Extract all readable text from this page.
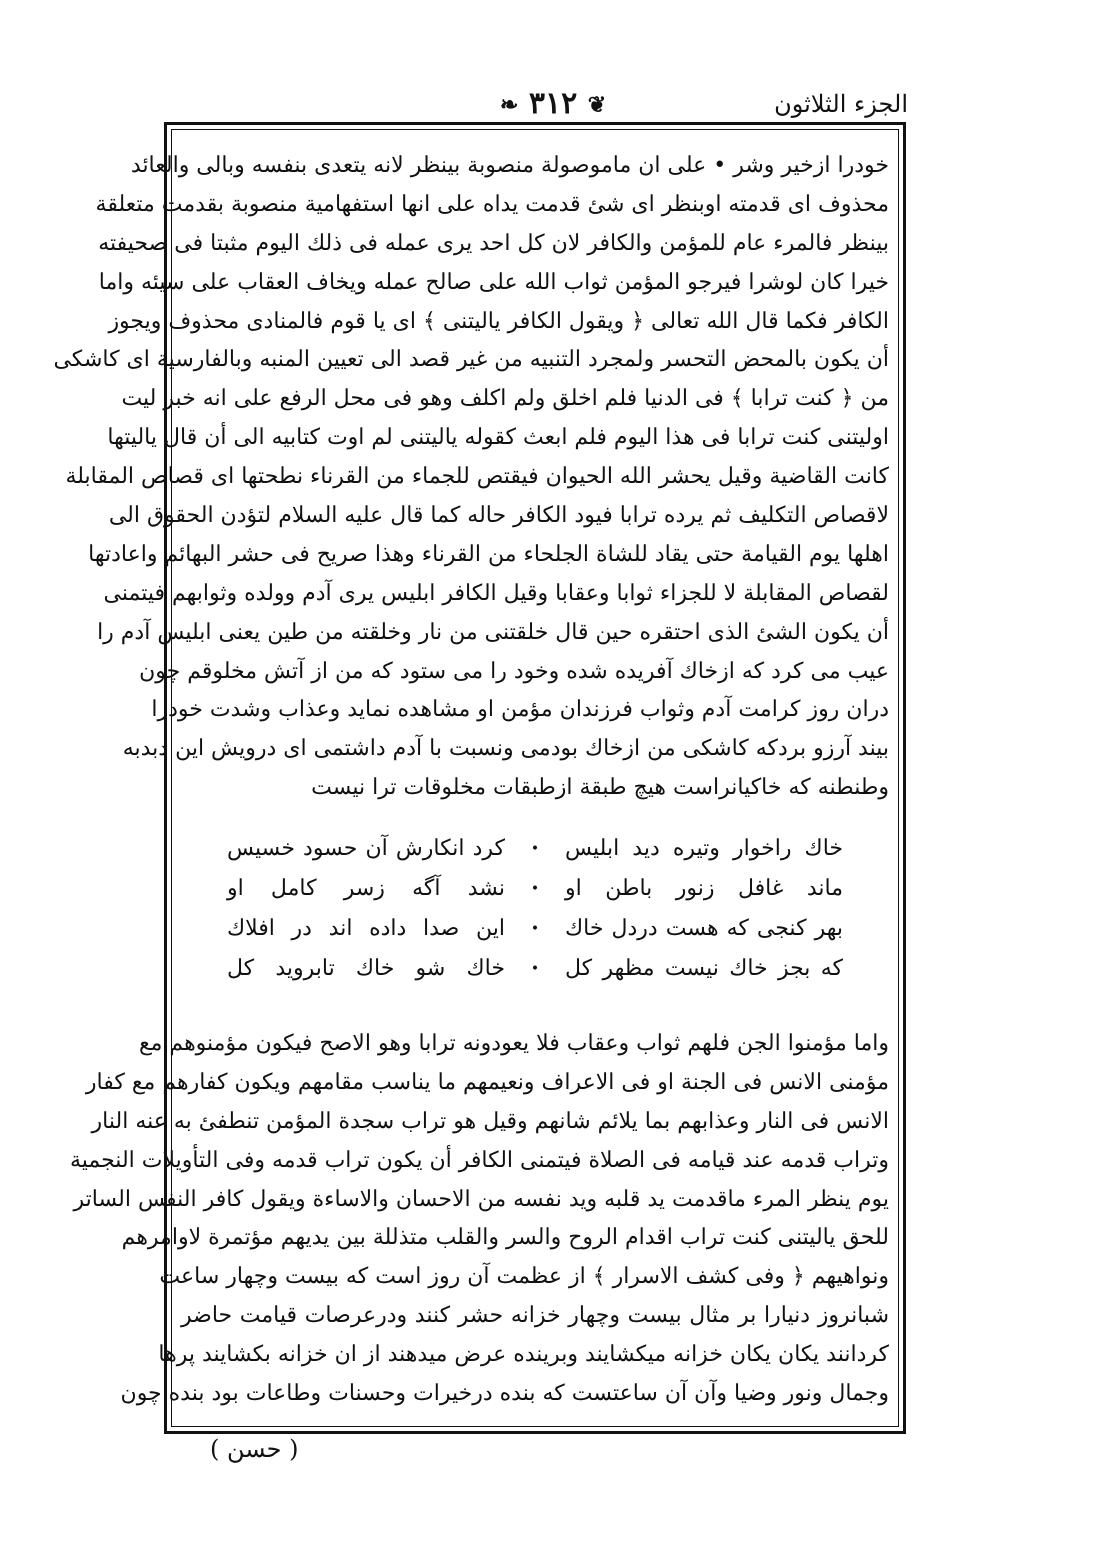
الجزء الثلاثون
❦ ٣١٢ ❧
خودرا ازخير وشر • على ان ماموصولة منصوبة بينظر لانه يتعدى بنفسه وبالى والعائد
محذوف اى قدمته اوبنظر اى شئ قدمت يداه على انها استفهامية منصوبة بقدمت متعلقة
بينظر فالمرء عام للمؤمن والكافر لان كل احد يرى عمله فى ذلك اليوم مثبتا فى صحيفته
خيرا كان لوشرا فيرجو المؤمن ثواب الله على صالح عمله ويخاف العقاب على سيئه واما
الكافر فكما قال الله تعالى ﴿ ويقول الكافر ياليتنى ﴾ اى يا قوم فالمنادى محذوف ويجوز
أن يكون بالمحض التحسر ولمجرد التنبيه من غير قصد الى تعيين المنبه وبالفارسية اى كاشكى
من ﴿ كنت ترابا ﴾ فى الدنيا فلم اخلق ولم اكلف وهو فى محل الرفع على انه خبر ليت
اوليتنى كنت ترابا فى هذا اليوم فلم ابعث كقوله ياليتنى لم اوت كتابيه الى أن قال ياليتها
كانت القاضية وقيل يحشر الله الحيوان فيقتص للجماء من القرناء نطحتها اى قصاص المقابلة
لاقصاص التكليف ثم يرده ترابا فيود الكافر حاله كما قال عليه السلام لتؤدن الحقوق الى
اهلها يوم القيامة حتى يقاد للشاة الجلحاء من القرناء وهذا صريح فى حشر البهائم واعادتها
لقصاص المقابلة لا للجزاء ثوابا وعقابا وقيل الكافر ابليس يرى آدم وولده وثوابهم فيتمنى
أن يكون الشئ الذى احتقره حين قال خلقتنى من نار وخلقته من طين يعنى ابليس آدم را
عيب مى كرد كه ازخاك آفريده شده وخود را مى ستود كه من از آتش مخلوقم چون
دران روز كرامت آدم وثواب فرزندان مؤمن او مشاهده نمايد وعذاب وشدت خودرا
بيند آرزو بردكه كاشكى من ازخاك بودمى ونسبت با آدم داشتمى اى درويش اين دبدبه
وطنطنه كه خاكيانراست هيچ طبقة ازطبقات مخلوقات ترا نيست
خاك راخوار وتيره ديد ابليس
•
كرد انكارش آن حسود خسيس
ماند غافل زنور باطن او
•
نشد آگه زسر كامل او
بهر كنجى كه هست دردل خاك
•
اين صدا داده اند در افلاك
كه بجز خاك نيست مظهر كل
•
خاك شو خاك تابرويد كل
واما مؤمنوا الجن فلهم ثواب وعقاب فلا يعودونه ترابا وهو الاصح فيكون مؤمنوهم مع
مؤمنى الانس فى الجنة او فى الاعراف ونعيمهم ما يناسب مقامهم ويكون كفارهم مع كفار
الانس فى النار وعذابهم بما يلائم شانهم وقيل هو تراب سجدة المؤمن تنطفئ به عنه النار
وتراب قدمه عند قيامه فى الصلاة فيتمنى الكافر أن يكون تراب قدمه وفى التأويلات النجمية
يوم ينظر المرء ماقدمت يد قلبه ويد نفسه من الاحسان والاساءة ويقول كافر النفس الساتر
للحق ياليتنى كنت تراب اقدام الروح والسر والقلب متذللة بين يديهم مؤتمرة لاوامرهم
ونواهيهم ﴿ وفى كشف الاسرار ﴾ از عظمت آن روز است كه بيست وچهار ساعت
شبانروز دنيارا بر مثال بيست وچهار خزانه حشر كنند ودرعرصات قيامت حاضر
كردانند يكان يكان خزانه ميكشايند وبرينده عرض ميدهند از ان خزانه بكشايند پرها
وجمال ونور وضيا وآن آن ساعتست كه بنده درخيرات وحسنات وطاعات بود بنده چون
( حسن )
